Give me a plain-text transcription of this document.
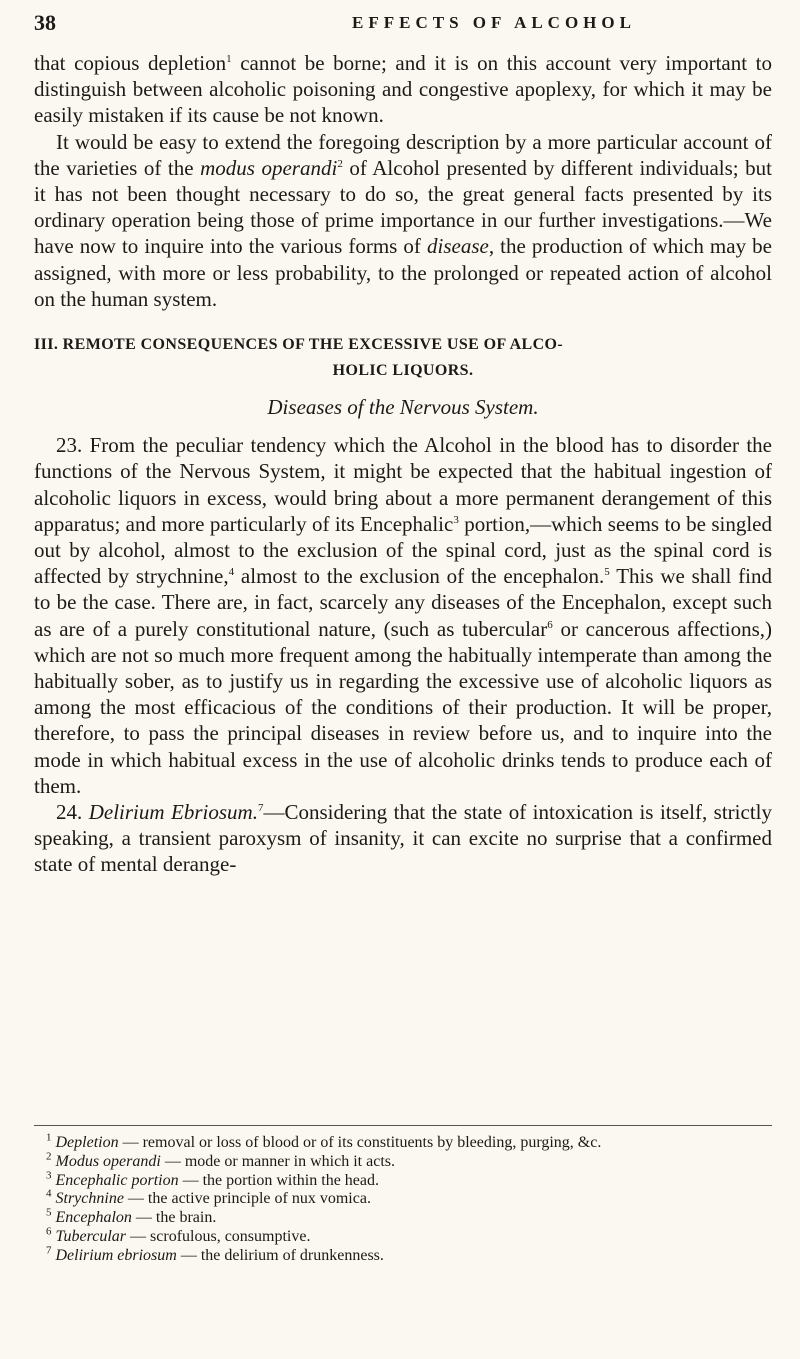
38	EFFECTS OF ALCOHOL

that copious depletion$^1$ cannot be borne; and it is on this account very important to distinguish between alcoholic poisoning and congestive apoplexy, for which it may be easily mistaken if its cause be not known.

It would be easy to extend the foregoing description by a more particular account of the varieties of the modus operandi$^2$ of Alcohol presented by different individuals; but it has not been thought necessary to do so, the great general facts presented by its ordinary operation being those of prime importance in our further investigations.—We have now to inquire into the various forms of disease, the production of which may be assigned, with more or less probability, to the prolonged or repeated action of alcohol on the human system.

III. REMOTE CONSEQUENCES OF THE EXCESSIVE USE OF ALCO-
HOLIC LIQUORS.

Diseases of the Nervous System.

23. From the peculiar tendency which the Alcohol in the blood has to disorder the functions of the Nervous System, it might be expected that the habitual ingestion of alcoholic liquors in excess, would bring about a more permanent derangement of this apparatus; and more particularly of its Encephalic$^3$ portion,—which seems to be singled out by alcohol, almost to the exclusion of the spinal cord, just as the spinal cord is affected by strychnine,$^4$ almost to the exclusion of the encephalon.$^5$ This we shall find to be the case. There are, in fact, scarcely any diseases of the Encephalon, except such as are of a purely constitutional nature, (such as tubercular$^6$ or cancerous affections,) which are not so much more frequent among the habitually intemperate than among the habitually sober, as to justify us in regarding the excessive use of alcoholic liquors as among the most efficacious of the conditions of their production. It will be proper, therefore, to pass the principal diseases in review before us, and to inquire into the mode in which habitual excess in the use of alcoholic drinks tends to produce each of them.

24. Delirium Ebriosum.$^7$—Considering that the state of intoxication is itself, strictly speaking, a transient paroxysm of insanity, it can excite no surprise that a confirmed state of mental derange-

$^1$ Depletion — removal or loss of blood or of its constituents by bleeding, purging, &c.

$^2$ Modus operandi — mode or manner in which it acts.

$^3$ Encephalic portion — the portion within the head.

$^4$ Strychnine — the active principle of nux vomica.

$^5$ Encephalon — the brain.

$^6$ Tubercular — scrofulous, consumptive.

$^7$ Delirium ebriosum — the delirium of drunkenness.
